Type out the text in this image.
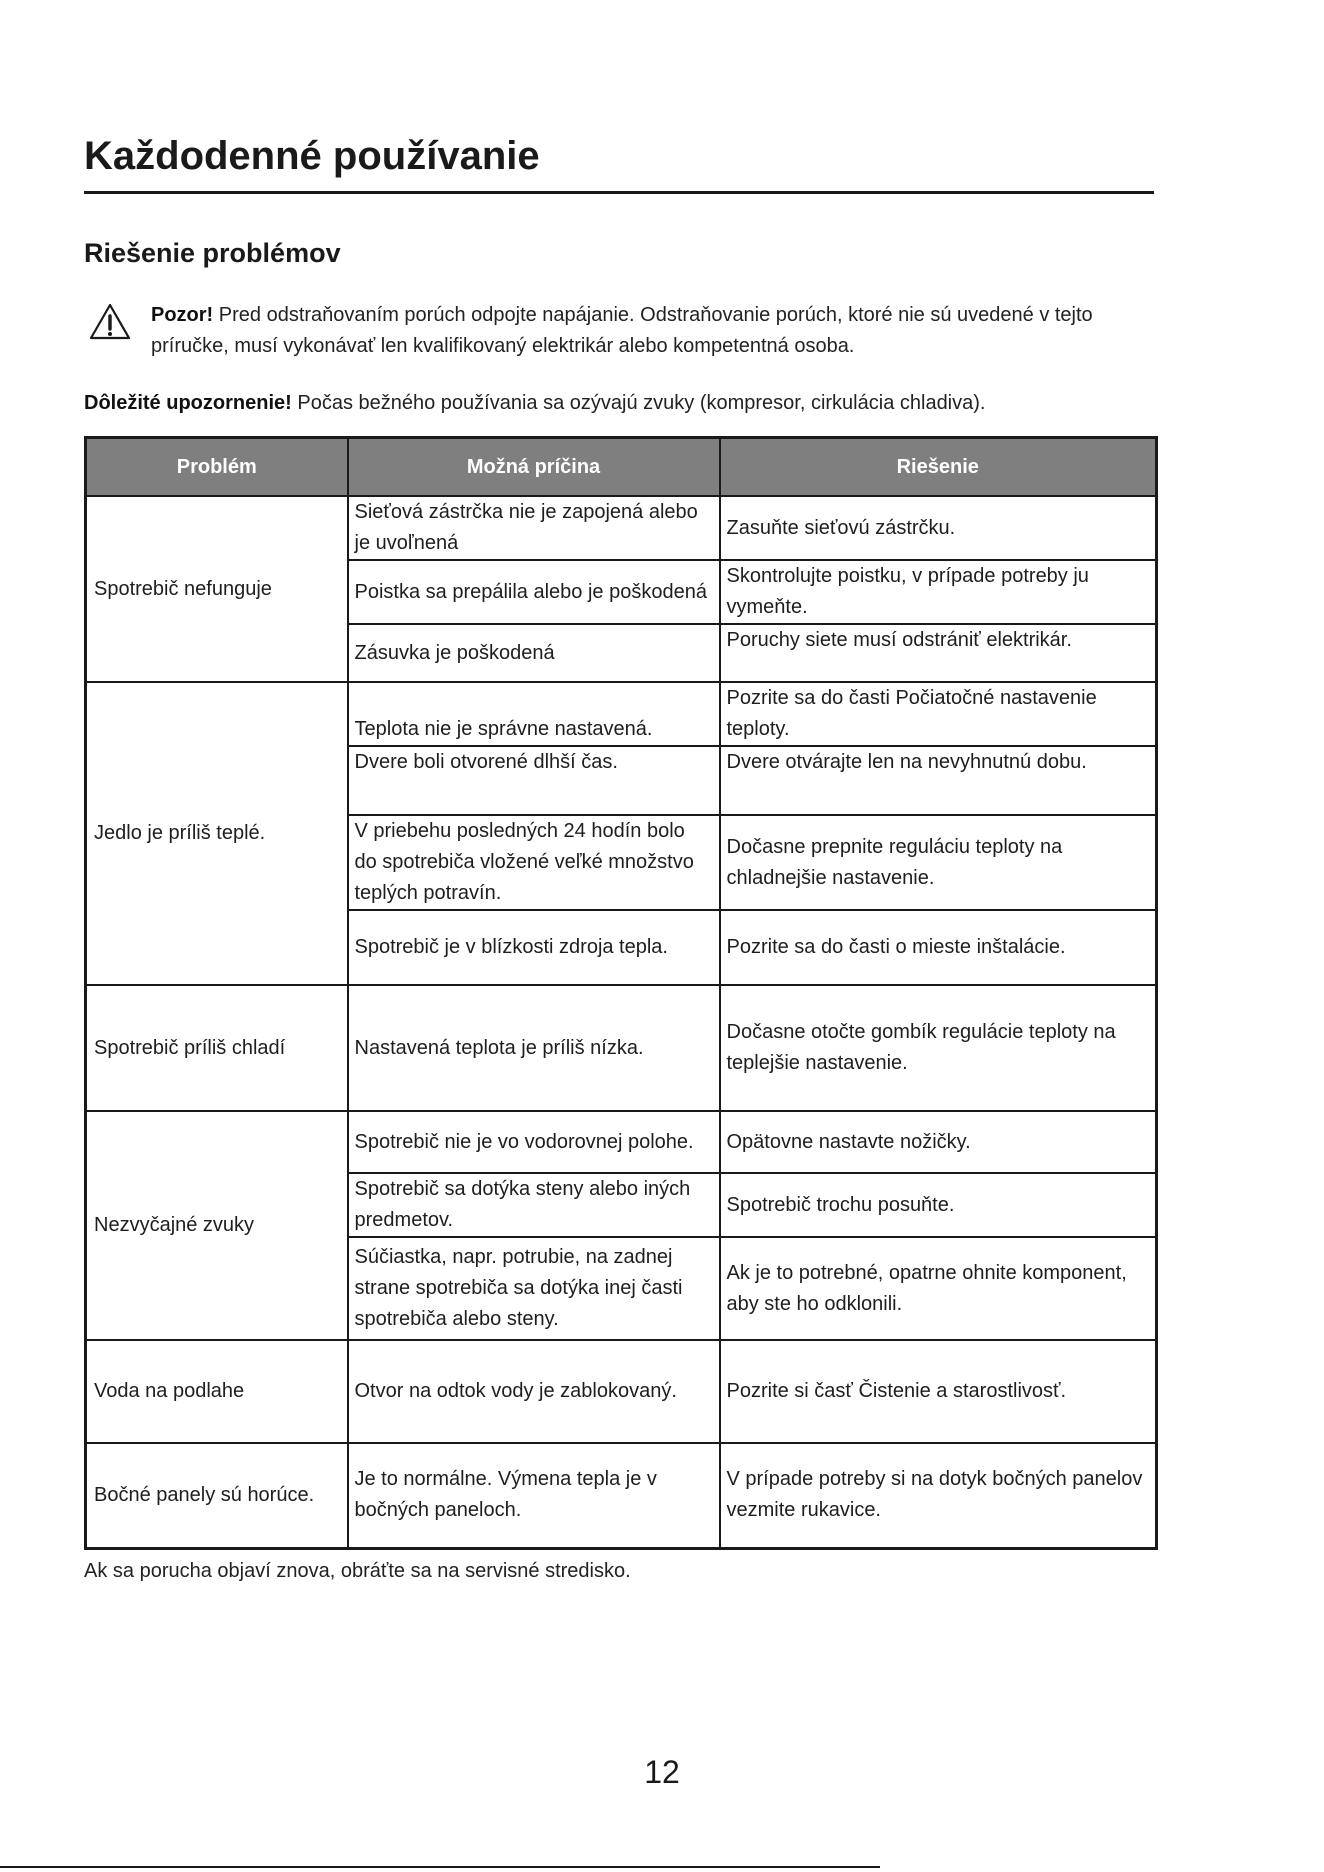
Každodenné používanie
Riešenie problémov
Pozor! Pred odstraňovaním porúch odpojte napájanie. Odstraňovanie porúch, ktoré nie sú uvedené v tejto príručke, musí vykonávať len kvalifikovaný elektrikár alebo kompetentná osoba.
Dôležité upozornenie! Počas bežného používania sa ozývajú zvuky (kompresor, cirkulácia chladiva).
Problém	Možná príčina	Riešenie
Spotrebič nefunguje	Sieťová zástrčka nie je zapojená alebo je uvoľnená	Zasuňte sieťovú zástrčku.
	Poistka sa prepálila alebo je poškodená	Skontrolujte poistku, v prípade potreby ju vymeňte.
	Zásuvka je poškodená	Poruchy siete musí odstrániť elektrikár.
Jedlo je príliš teplé.	Teplota nie je správne nastavená.	Pozrite sa do časti Počiatočné nastavenie teploty.
	Dvere boli otvorené dlhší čas.	Dvere otvárajte len na nevyhnutnú dobu.
	V priebehu posledných 24 hodín bolo do spotrebiča vložené veľké množstvo teplých potravín.	Dočasne prepnite reguláciu teploty na chladnejšie nastavenie.
	Spotrebič je v blízkosti zdroja tepla.	Pozrite sa do časti o mieste inštalácie.
Spotrebič príliš chladí	Nastavená teplota je príliš nízka.	Dočasne otočte gombík regulácie teploty na teplejšie nastavenie.
Nezvyčajné zvuky	Spotrebič nie je vo vodorovnej polohe.	Opätovne nastavte nožičky.
	Spotrebič sa dotýka steny alebo iných predmetov.	Spotrebič trochu posuňte.
	Súčiastka, napr. potrubie, na zadnej strane spotrebiča sa dotýka inej časti spotrebiča alebo steny.	Ak je to potrebné, opatrne ohnite komponent, aby ste ho odklonili.
Voda na podlahe	Otvor na odtok vody je zablokovaný.	Pozrite si časť Čistenie a starostlivosť.
Bočné panely sú horúce.	Je to normálne. Výmena tepla je v bočných paneloch.	V prípade potreby si na dotyk bočných panelov vezmite rukavice.
Ak sa porucha objaví znova, obráťte sa na servisné stredisko.
12
